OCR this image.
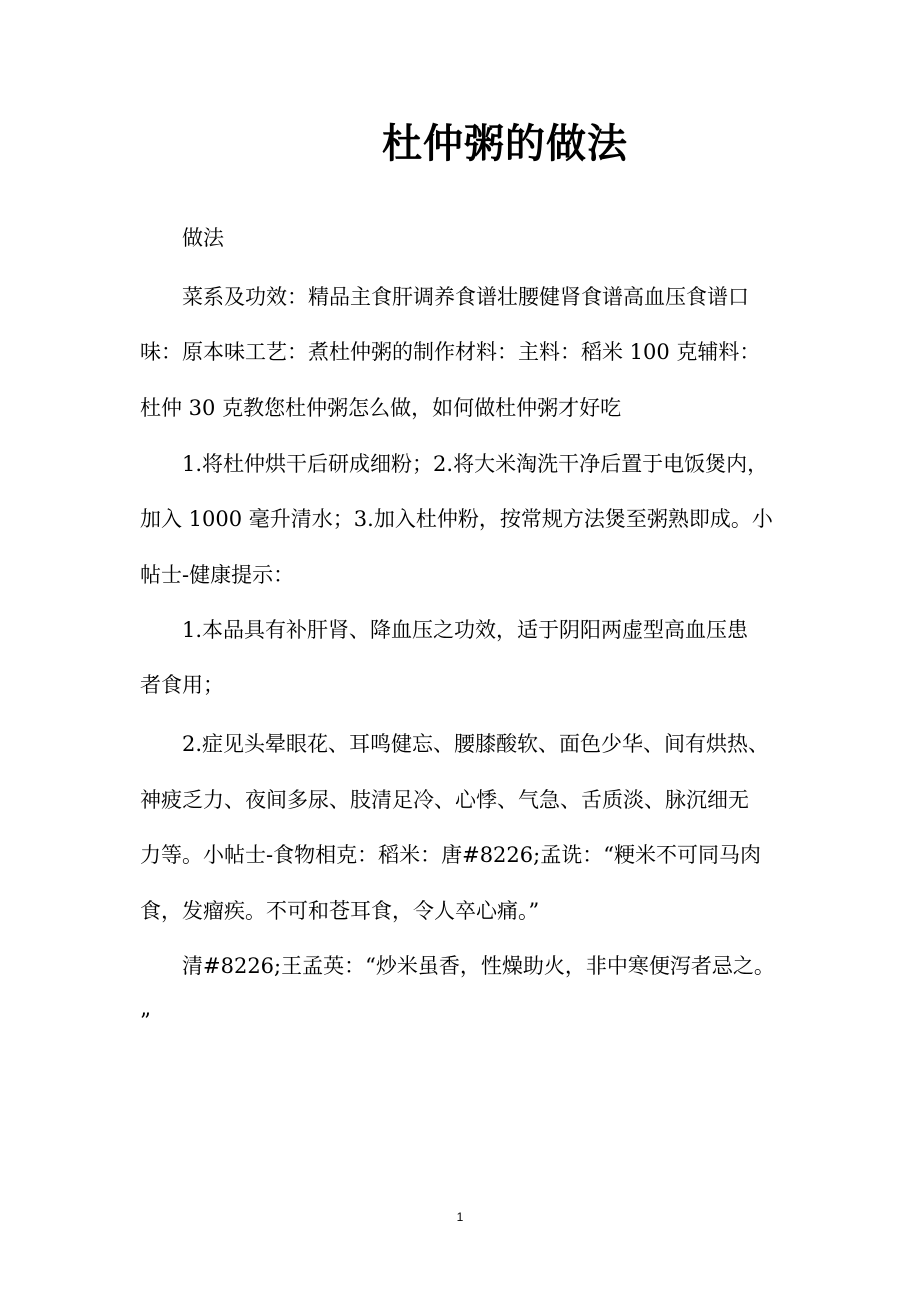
杜仲粥的做法
做法
菜系及功效：精品主食肝调养食谱壮腰健肾食谱高血压食谱口
味：原本味工艺：煮杜仲粥的制作材料：主料：稻米 100 克辅料：
杜仲 30 克教您杜仲粥怎么做，如何做杜仲粥才好吃
1.将杜仲烘干后研成细粉；2.将大米淘洗干净后置于电饭煲内，
加入 1000 毫升清水；3.加入杜仲粉，按常规方法煲至粥熟即成。小
帖士-健康提示：
1.本品具有补肝肾、降血压之功效，适于阴阳两虚型高血压患
者食用；
2.症见头晕眼花、耳鸣健忘、腰膝酸软、面色少华、间有烘热、
神疲乏力、夜间多尿、肢清足冷、心悸、气急、舌质淡、脉沉细无
力等。小帖士-食物相克：稻米：唐#8226;孟诜：“粳米不可同马肉
食，发瘤疾。不可和苍耳食，令人卒心痛。”
清#8226;王孟英：“炒米虽香，性燥助火，非中寒便泻者忌之。
”
1
